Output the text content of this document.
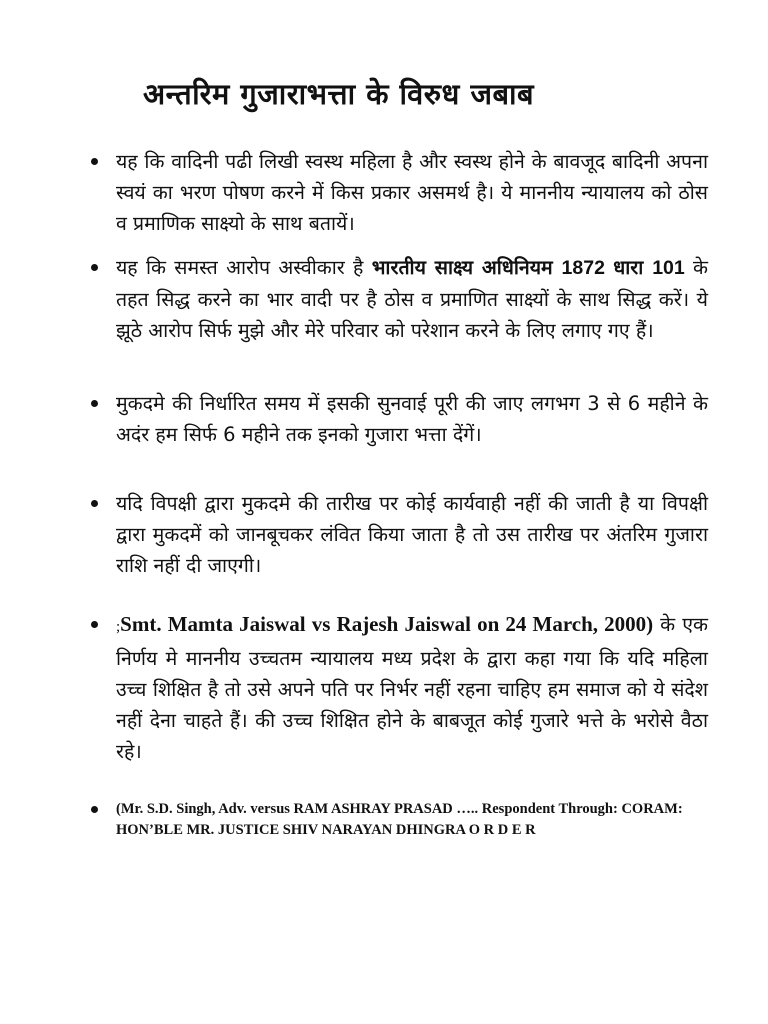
अन्तरिम गुजाराभत्ता के विरुध जबाब
यह कि वादिनी पढी लिखी स्वस्थ महिला है और स्वस्थ होने के बावजूद बादिनी अपना स्वयं का भरण पोषण करने में किस प्रकार असमर्थ है। ये माननीय न्यायालय को ठोस व प्रमाणिक साक्ष्यो के साथ बतायें।
यह कि समस्त आरोप अस्वीकार है भारतीय साक्ष्य अधिनियम 1872 धारा 101 के तहत सिद्ध करने का भार वादी पर है ठोस व प्रमाणित साक्ष्यों के साथ सिद्ध करें। ये झूठे आरोप सिर्फ मुझे और मेरे परिवार को परेशान करने के लिए लगाए गए हैं।
मुकदमे की निर्धारित समय में इसकी सुनवाई पूरी की जाए लगभग 3 से 6 महीने के अदंर हम सिर्फ 6 महीने तक इनको गुजारा भत्ता देंगें।
यदि विपक्षी द्वारा मुकदमे की तारीख पर कोई कार्यवाही नहीं की जाती है या विपक्षी द्वारा मुकदमें को जानबूचकर लंवित किया जाता है तो उस तारीख पर अंतरिम गुजारा राशि नहीं दी जाएगी।
;Smt. Mamta Jaiswal vs Rajesh Jaiswal on 24 March, 2000) के एक निर्णय मे माननीय उच्चतम न्यायालय मध्य प्रदेश के द्वारा कहा गया कि यदि महिला उच्च शिक्षित है तो उसे अपने पति पर निर्भर नहीं रहना चाहिए हम समाज को ये संदेश नहीं देना चाहते हैं। की उच्च शिक्षित होने के बाबजूत कोई गुजारे भत्ते के भरोसे वैठा रहे।
(Mr. S.D. Singh, Adv. versus RAM ASHRAY PRASAD ….. Respondent Through: CORAM: HON’BLE MR. JUSTICE SHIV NARAYAN DHINGRA O R D E R
